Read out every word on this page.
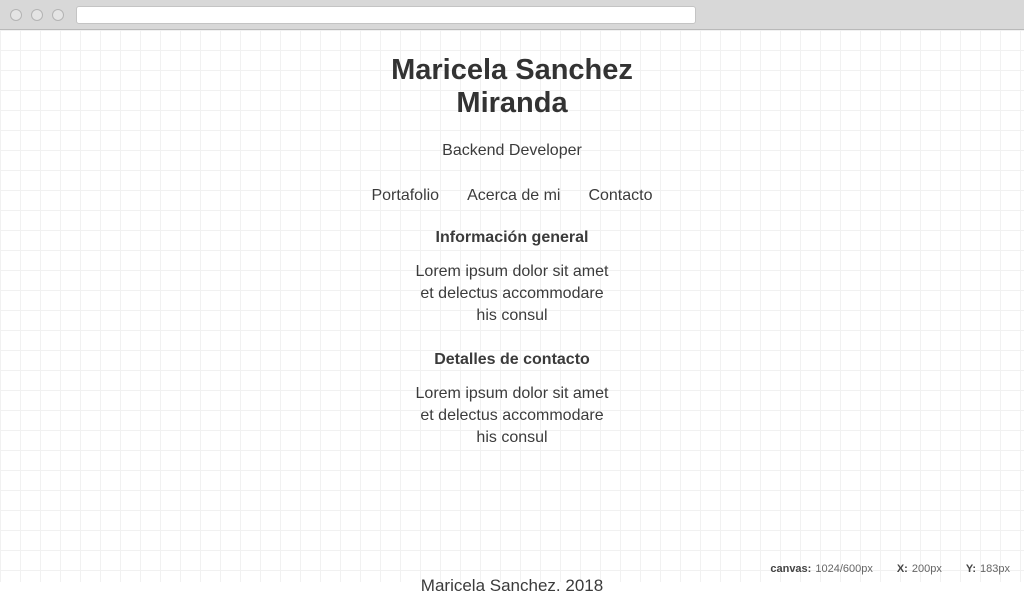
Maricela Sanchez Miranda
Backend Developer
Portafolio Acerca de mi Contacto
Información general

Lorem ipsum dolor sit amet et delectus accommodare his consul

Detalles de contacto

Lorem ipsum dolor sit amet et delectus accommodare his consul

Maricela Sanchez. 2018
canvas: 1024/600px X: 200px Y: 183px
